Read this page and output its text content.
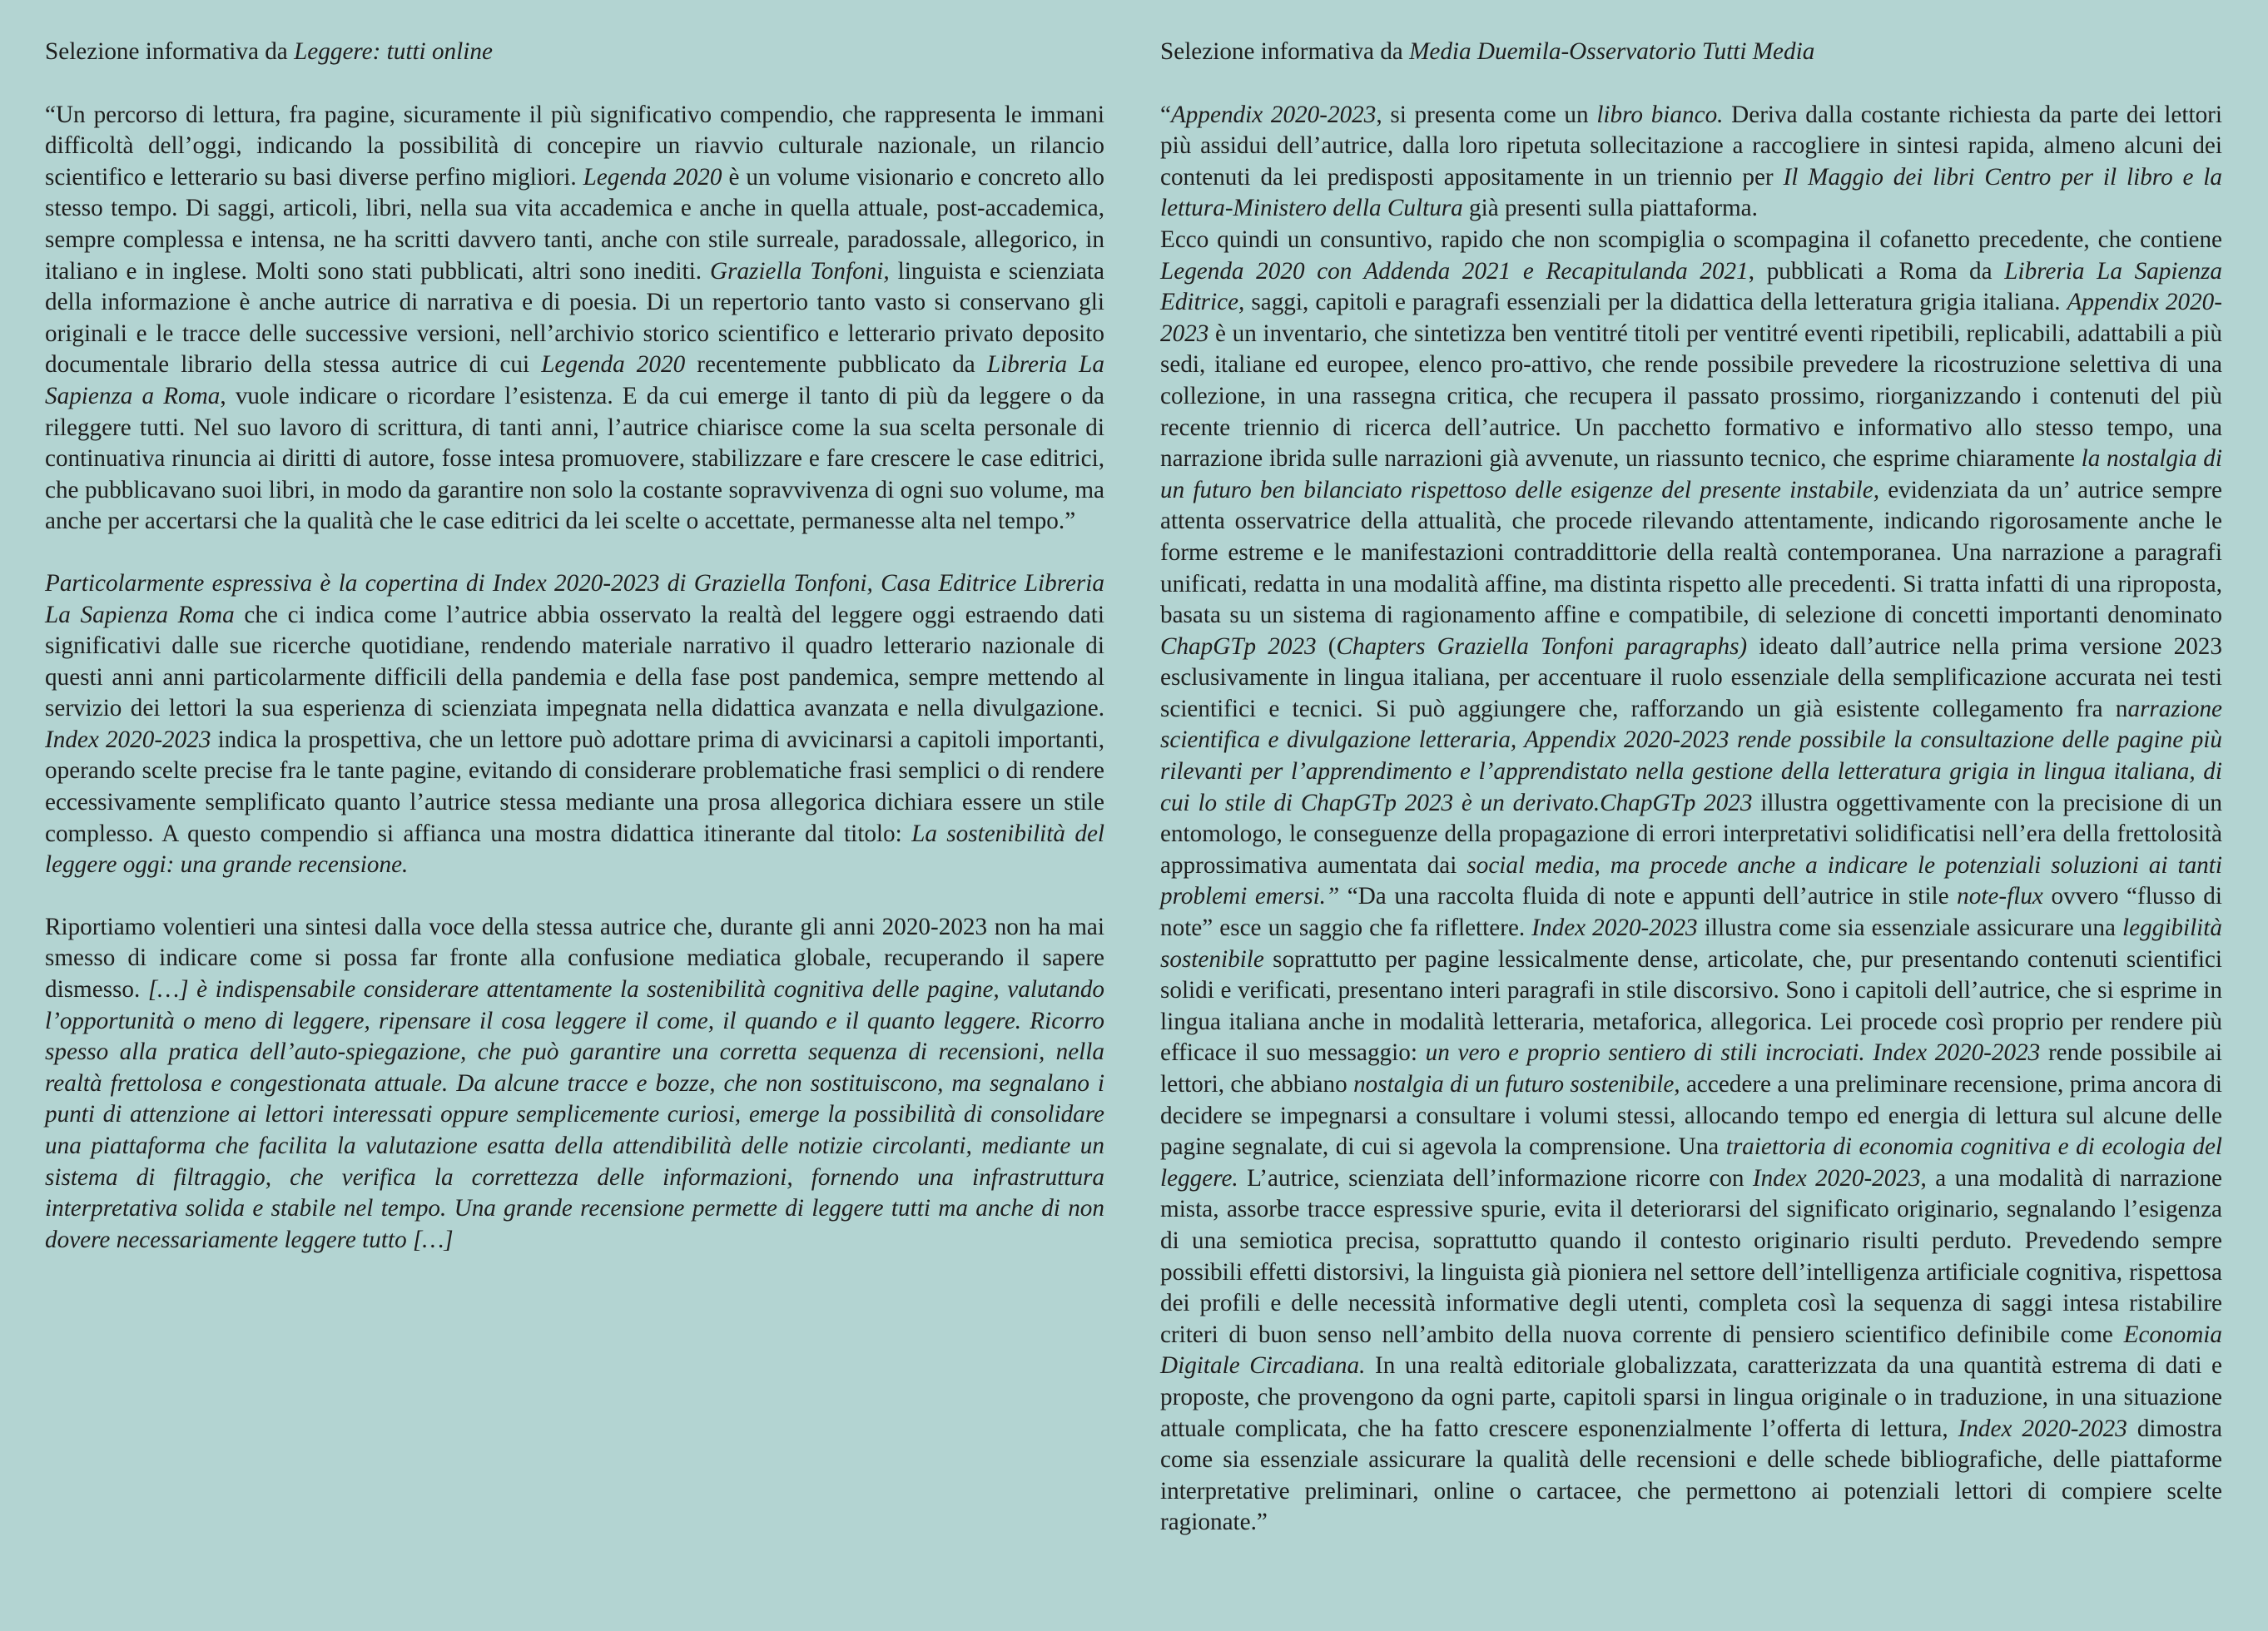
Selezione informativa da Leggere: tutti online
“Un percorso di lettura, fra pagine, sicuramente il più significativo compendio, che rappresenta le immani difficoltà dell’oggi, indicando la possibilità di concepire un riavvio culturale nazionale, un rilancio scientifico e letterario su basi diverse perfino migliori. Legenda 2020 è un volume visionario e concreto allo stesso tempo. Di saggi, articoli, libri, nella sua vita accademica e anche in quella attuale, post-accademica, sempre complessa e intensa, ne ha scritti davvero tanti, anche con stile surreale, paradossale, allegorico, in italiano e in inglese. Molti sono stati pubblicati, altri sono inediti. Graziella Tonfoni, linguista e scienziata della informazione è anche autrice di narrativa e di poesia. Di un repertorio tanto vasto si conservano gli originali e le tracce delle successive versioni, nell’archivio storico scientifico e letterario privato deposito documentale librario della stessa autrice di cui Legenda 2020 recentemente pubblicato da Libreria La Sapienza a Roma, vuole indicare o ricordare l’esistenza. E da cui emerge il tanto di più da leggere o da rileggere tutti. Nel suo lavoro di scrittura, di tanti anni, l’autrice chiarisce come la sua scelta personale di continuativa rinuncia ai diritti di autore, fosse intesa promuovere, stabilizzare e fare crescere le case editrici, che pubblicavano suoi libri, in modo da garantire non solo la costante sopravvivenza di ogni suo volume, ma anche per accertarsi che la qualità che le case editrici da lei scelte o accettate, permanesse alta nel tempo.”
Particolarmente espressiva è la copertina di Index 2020-2023 di Graziella Tonfoni, Casa Editrice Libreria La Sapienza Roma che ci indica come l’autrice abbia osservato la realtà del leggere oggi estraendo dati significativi dalle sue ricerche quotidiane, rendendo materiale narrativo il quadro letterario nazionale di questi anni anni particolarmente difficili della pandemia e della fase post pandemica, sempre mettendo al servizio dei lettori la sua esperienza di scienziata impegnata nella didattica avanzata e nella divulgazione. Index 2020-2023 indica la prospettiva, che un lettore può adottare prima di avvicinarsi a capitoli importanti, operando scelte precise fra le tante pagine, evitando di considerare problematiche frasi semplici o di rendere eccessivamente semplificato quanto l’autrice stessa mediante una prosa allegorica dichiara essere un stile complesso. A questo compendio si affianca una mostra didattica itinerante dal titolo: La sostenibilità del leggere oggi: una grande recensione.
Riportiamo volentieri una sintesi dalla voce della stessa autrice che, durante gli anni 2020-2023 non ha mai smesso di indicare come si possa far fronte alla confusione mediatica globale, recuperando il sapere dismesso. […] è indispensabile considerare attentamente la sostenibilità cognitiva delle pagine, valutando l’opportunità o meno di leggere, ripensare il cosa leggere il come, il quando e il quanto leggere. Ricorro spesso alla pratica dell’auto-spiegazione, che può garantire una corretta sequenza di recensioni, nella realtà frettolosa e congestionata attuale. Da alcune tracce e bozze, che non sostituiscono, ma segnalano i punti di attenzione ai lettori interessati oppure semplicemente curiosi, emerge la possibilità di consolidare una piattaforma che facilita la valutazione esatta della attendibilità delle notizie circolanti, mediante un sistema di filtraggio, che verifica la correttezza delle informazioni, fornendo una infrastruttura interpretativa solida e stabile nel tempo. Una grande recensione permette di leggere tutti ma anche di non dovere necessariamente leggere tutto […]
Selezione informativa da Media Duemila-Osservatorio Tutti Media
“Appendix 2020-2023, si presenta come un libro bianco. Deriva dalla costante richiesta da parte dei lettori più assidui dell’autrice, dalla loro ripetuta sollecitazione a raccogliere in sintesi rapida, almeno alcuni dei contenuti da lei predisposti appositamente in un triennio per Il Maggio dei libri Centro per il libro e la lettura-Ministero della Cultura già presenti sulla piattaforma.
Ecco quindi un consuntivo, rapido che non scompiglia o scompagina il cofanetto precedente, che contiene Legenda 2020 con Addenda 2021 e Recapitulanda 2021, pubblicati a Roma da Libreria La Sapienza Editrice, saggi, capitoli e paragrafi essenziali per la didattica della letteratura grigia italiana. Appendix 2020-2023 è un inventario, che sintetizza ben ventitré titoli per ventitré eventi ripetibili, replicabili, adattabili a più sedi, italiane ed europee, elenco pro-attivo, che rende possibile prevedere la ricostruzione selettiva di una collezione, in una rassegna critica, che recupera il passato prossimo, riorganizzando i contenuti del più recente triennio di ricerca dell’autrice. Un pacchetto formativo e informativo allo stesso tempo, una narrazione ibrida sulle narrazioni già avvenute, un riassunto tecnico, che esprime chiaramente la nostalgia di un futuro ben bilanciato rispettoso delle esigenze del presente instabile, evidenziata da un’ autrice sempre attenta osservatrice della attualità, che procede rilevando attentamente, indicando rigorosamente anche le forme estreme e le manifestazioni contraddittorie della realtà contemporanea. Una narrazione a paragrafi unificati, redatta in una modalità affine, ma distinta rispetto alle precedenti. Si tratta infatti di una riproposta, basata su un sistema di ragionamento affine e compatibile, di selezione di concetti importanti denominato ChapGTp 2023 (Chapters Graziella Tonfoni paragraphs) ideato dall’autrice nella prima versione 2023 esclusivamente in lingua italiana, per accentuare il ruolo essenziale della semplificazione accurata nei testi scientifici e tecnici. Si può aggiungere che, rafforzando un già esistente collegamento fra narrazione scientifica e divulgazione letteraria, Appendix 2020-2023 rende possibile la consultazione delle pagine più rilevanti per l’apprendimento e l’apprendistato nella gestione della letteratura grigia in lingua italiana, di cui lo stile di ChapGTp 2023 è un derivato.ChapGTp 2023 illustra oggettivamente con la precisione di un entomologo, le conseguenze della propagazione di errori interpretativi solidificatisi nell’era della frettolosità approssimativa aumentata dai social media, ma procede anche a indicare le potenziali soluzioni ai tanti problemi emersi.” “Da una raccolta fluida di note e appunti dell’autrice in stile note-flux ovvero “flusso di note” esce un saggio che fa riflettere. Index 2020-2023 illustra come sia essenziale assicurare una leggibilità sostenibile soprattutto per pagine lessicalmente dense, articolate, che, pur presentando contenuti scientifici solidi e verificati, presentano interi paragrafi in stile discorsivo. Sono i capitoli dell’autrice, che si esprime in lingua italiana anche in modalità letteraria, metaforica, allegorica. Lei procede così proprio per rendere più efficace il suo messaggio: un vero e proprio sentiero di stili incrociati. Index 2020-2023 rende possibile ai lettori, che abbiano nostalgia di un futuro sostenibile, accedere a una preliminare recensione, prima ancora di decidere se impegnarsi a consultare i volumi stessi, allocando tempo ed energia di lettura sul alcune delle pagine segnalate, di cui si agevola la comprensione. Una traiettoria di economia cognitiva e di ecologia del leggere. L’autrice, scienziata dell’informazione ricorre con Index 2020-2023, a una modalità di narrazione mista, assorbe tracce espressive spurie, evita il deteriorarsi del significato originario, segnalando l’esigenza di una semiotica precisa, soprattutto quando il contesto originario risulti perduto. Prevedendo sempre possibili effetti distorsivi, la linguista già pioniera nel settore dell’intelligenza artificiale cognitiva, rispettosa dei profili e delle necessità informative degli utenti, completa così la sequenza di saggi intesa ristabilire criteri di buon senso nell’ambito della nuova corrente di pensiero scientifico definibile come Economia Digitale Circadiana. In una realtà editoriale globalizzata, caratterizzata da una quantità estrema di dati e proposte, che provengono da ogni parte, capitoli sparsi in lingua originale o in traduzione, in una situazione attuale complicata, che ha fatto crescere esponenzialmente l’offerta di lettura, Index 2020-2023 dimostra come sia essenziale assicurare la qualità delle recensioni e delle schede bibliografiche, delle piattaforme interpretative preliminari, online o cartacee, che permettono ai potenziali lettori di compiere scelte ragionate.”
